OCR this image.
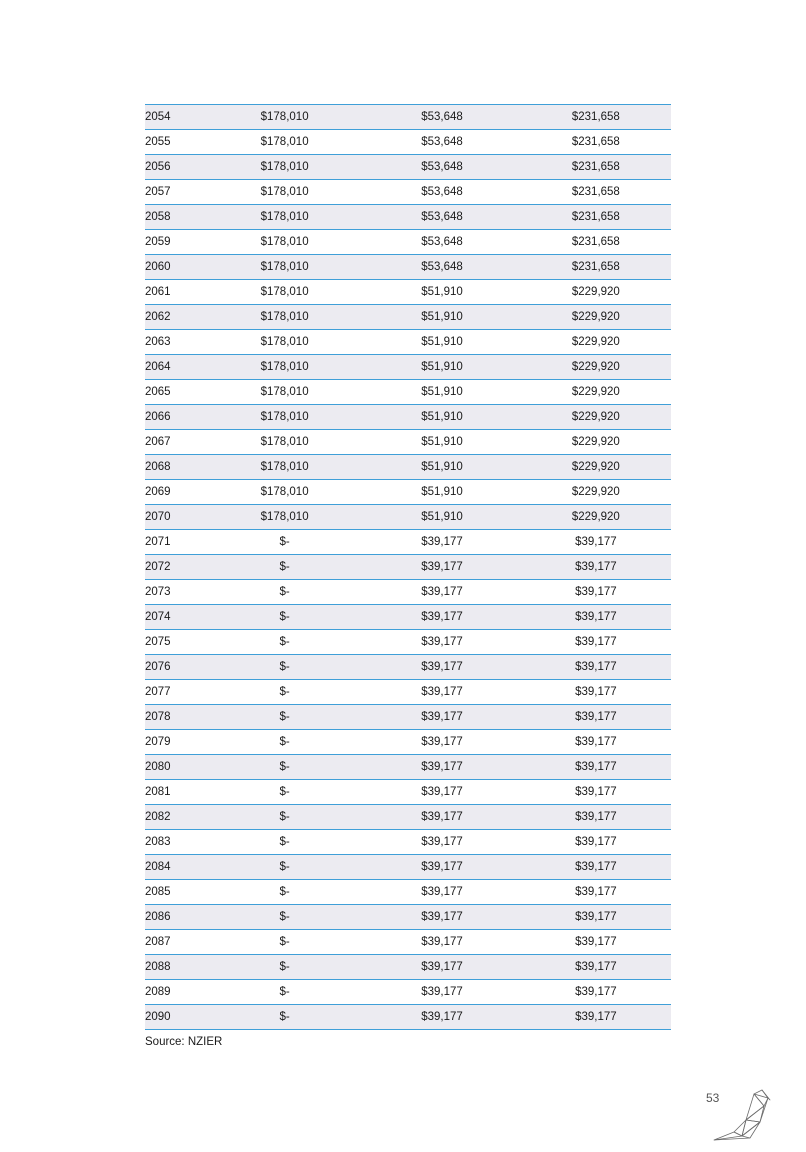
2054	$178,010	$53,648	$231,658
2055	$178,010	$53,648	$231,658
2056	$178,010	$53,648	$231,658
2057	$178,010	$53,648	$231,658
2058	$178,010	$53,648	$231,658
2059	$178,010	$53,648	$231,658
2060	$178,010	$53,648	$231,658
2061	$178,010	$51,910	$229,920
2062	$178,010	$51,910	$229,920
2063	$178,010	$51,910	$229,920
2064	$178,010	$51,910	$229,920
2065	$178,010	$51,910	$229,920
2066	$178,010	$51,910	$229,920
2067	$178,010	$51,910	$229,920
2068	$178,010	$51,910	$229,920
2069	$178,010	$51,910	$229,920
2070	$178,010	$51,910	$229,920
2071	$-	$39,177	$39,177
2072	$-	$39,177	$39,177
2073	$-	$39,177	$39,177
2074	$-	$39,177	$39,177
2075	$-	$39,177	$39,177
2076	$-	$39,177	$39,177
2077	$-	$39,177	$39,177
2078	$-	$39,177	$39,177
2079	$-	$39,177	$39,177
2080	$-	$39,177	$39,177
2081	$-	$39,177	$39,177
2082	$-	$39,177	$39,177
2083	$-	$39,177	$39,177
2084	$-	$39,177	$39,177
2085	$-	$39,177	$39,177
2086	$-	$39,177	$39,177
2087	$-	$39,177	$39,177
2088	$-	$39,177	$39,177
2089	$-	$39,177	$39,177
2090	$-	$39,177	$39,177
Source: NZIER
53
